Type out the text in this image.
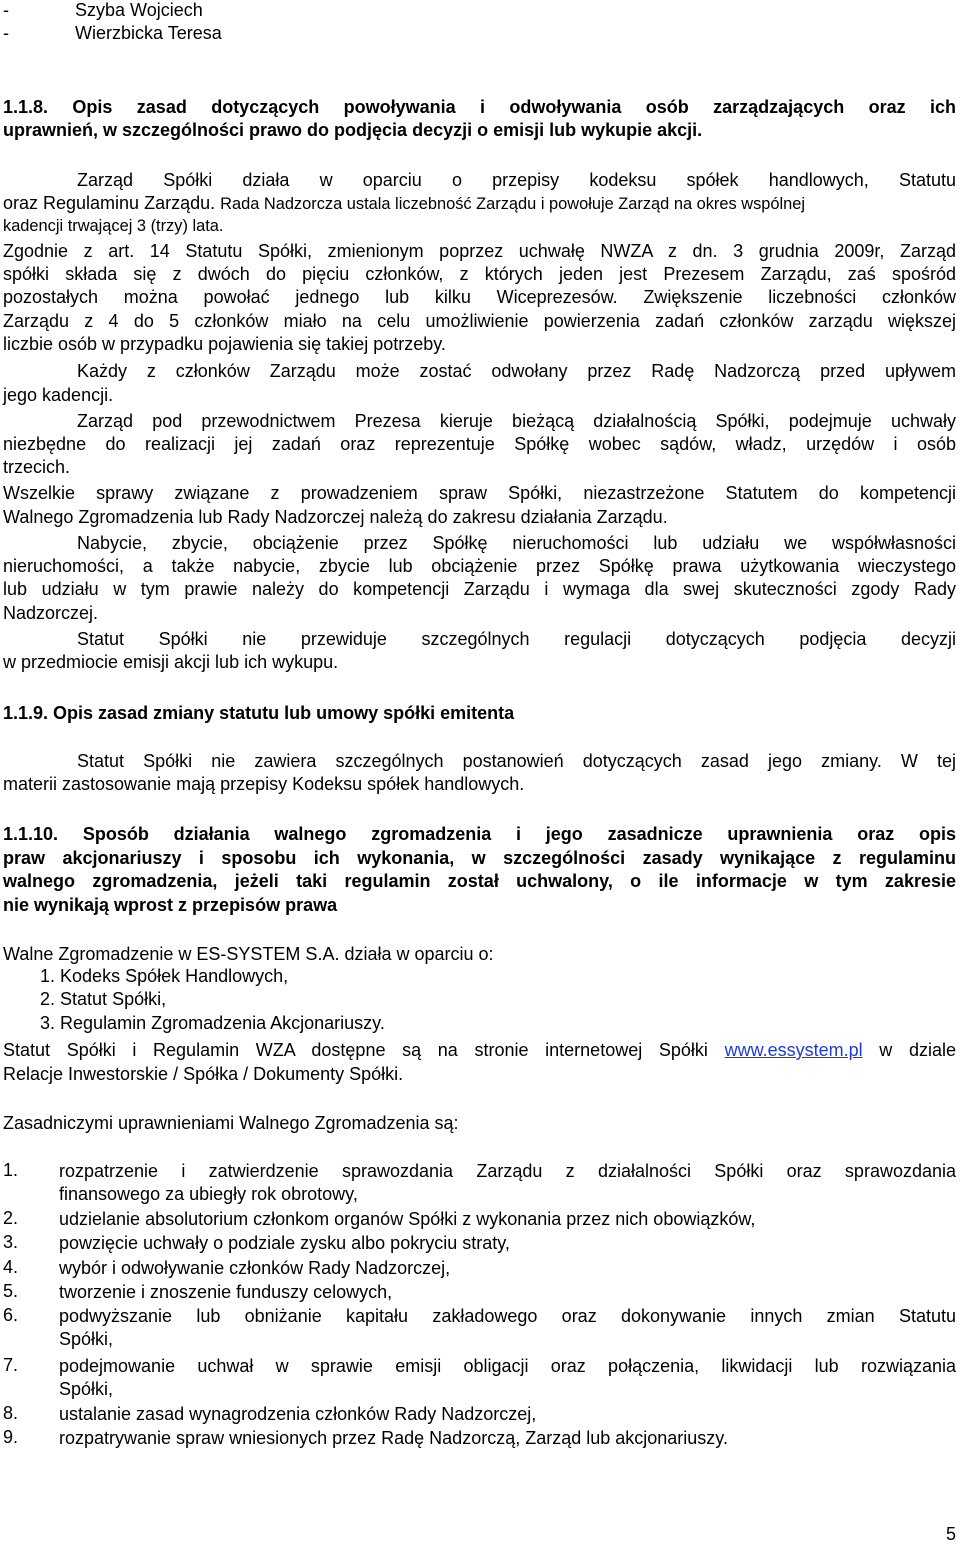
-	Szyba Wojciech
-	Wierzbicka Teresa
1.1.8. Opis zasad dotyczących powoływania i odwoływania osób zarządzających oraz ich
uprawnień, w szczególności prawo do podjęcia decyzji o emisji lub wykupie akcji.
Zarząd Spółki działa w oparciu o przepisy kodeksu spółek handlowych, Statutu
oraz Regulaminu Zarządu. Rada Nadzorcza ustala liczebność Zarządu i powołuje Zarząd na okres wspólnej
kadencji trwającej 3 (trzy) lata.
Zgodnie z art. 14 Statutu Spółki, zmienionym poprzez uchwałę NWZA z dn. 3 grudnia 2009r, Zarząd
spółki składa się z dwóch do pięciu członków, z których jeden jest Prezesem Zarządu, zaś spośród
pozostałych można powołać jednego lub kilku Wiceprezesów. Zwiększenie liczebności członków
Zarządu z 4 do 5 członków miało na celu umożliwienie powierzenia zadań członków zarządu większej
liczbie osób w przypadku pojawienia się takiej potrzeby.
Każdy z członków Zarządu może zostać odwołany przez Radę Nadzorczą przed upływem
jego kadencji.
Zarząd pod przewodnictwem Prezesa kieruje bieżącą działalnością Spółki, podejmuje uchwały
niezbędne do realizacji jej zadań oraz reprezentuje Spółkę wobec sądów, władz, urzędów i osób
trzecich.
Wszelkie sprawy związane z prowadzeniem spraw Spółki, niezastrzeżone Statutem do kompetencji
Walnego Zgromadzenia lub Rady Nadzorczej należą do zakresu działania Zarządu.
Nabycie, zbycie, obciążenie przez Spółkę nieruchomości lub udziału we współwłasności
nieruchomości, a także nabycie, zbycie lub obciążenie przez Spółkę prawa użytkowania wieczystego
lub udziału w tym prawie należy do kompetencji Zarządu i wymaga dla swej skuteczności zgody Rady
Nadzorczej.
Statut Spółki nie przewiduje szczególnych regulacji dotyczących podjęcia decyzji
w przedmiocie emisji akcji lub ich wykupu.
1.1.9. Opis zasad zmiany statutu lub umowy spółki emitenta
Statut Spółki nie zawiera szczególnych postanowień dotyczących zasad jego zmiany. W tej
materii zastosowanie mają przepisy Kodeksu spółek handlowych.
1.1.10. Sposób działania walnego zgromadzenia i jego zasadnicze uprawnienia oraz opis
praw akcjonariuszy i sposobu ich wykonania, w szczególności zasady wynikające z regulaminu
walnego zgromadzenia, jeżeli taki regulamin został uchwalony, o ile informacje w tym zakresie
nie wynikają wprost z przepisów prawa
Walne Zgromadzenie w ES-SYSTEM S.A. działa w oparciu o:
1. Kodeks Spółek Handlowych,
2. Statut Spółki,
3. Regulamin Zgromadzenia Akcjonariuszy.
Statut Spółki i Regulamin WZA dostępne są na stronie internetowej Spółki www.essystem.pl w dziale
Relacje Inwestorskie / Spółka / Dokumenty Spółki.
Zasadniczymi uprawnieniami Walnego Zgromadzenia są:
1. rozpatrzenie i zatwierdzenie sprawozdania Zarządu z działalności Spółki oraz sprawozdania
finansowego za ubiegły rok obrotowy,
2. udzielanie absolutorium członkom organów Spółki z wykonania przez nich obowiązków,
3. powzięcie uchwały o podziale zysku albo pokryciu straty,
4. wybór i odwoływanie członków Rady Nadzorczej,
5. tworzenie i znoszenie funduszy celowych,
6. podwyższanie lub obniżanie kapitału zakładowego oraz dokonywanie innych zmian Statutu
Spółki,
7. podejmowanie uchwał w sprawie emisji obligacji oraz połączenia, likwidacji lub rozwiązania
Spółki,
8. ustalanie zasad wynagrodzenia członków Rady Nadzorczej,
9. rozpatrywanie spraw wniesionych przez Radę Nadzorczą, Zarząd lub akcjonariuszy.
5
